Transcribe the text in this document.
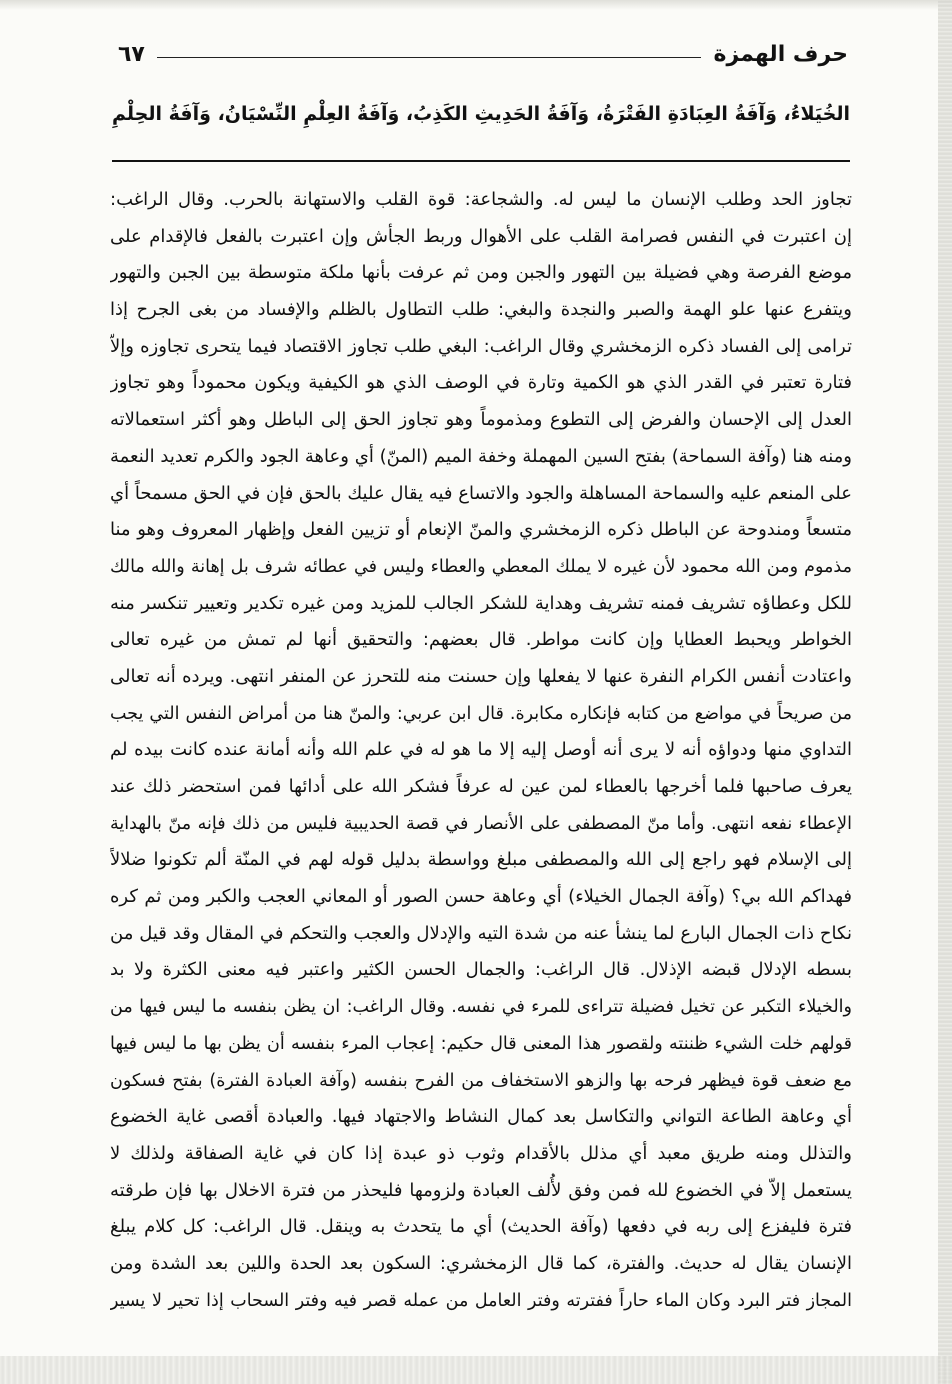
حرف الهمزة
٦٧
الخُيَلاءُ، وَآفَةُ العِبَادَةِ الفَتْرَةُ، وَآفَةُ الحَدِيثِ الكَذِبُ، وَآفَةُ العِلْمِ النِّسْيَانُ، وَآفَةُ الحِلْمِ
تجاوز الحد وطلب الإنسان ما ليس له. والشجاعة: قوة القلب والاستهانة بالحرب. وقال الراغب:
إن اعتبرت في النفس فصرامة القلب على الأهوال وربط الجأش وإن اعتبرت بالفعل فالإقدام على
موضع الفرصة وهي فضيلة بين التهور والجبن ومن ثم عرفت بأنها ملكة متوسطة بين الجبن والتهور
ويتفرع عنها علو الهمة والصبر والنجدة والبغي: طلب التطاول بالظلم والإفساد من بغى الجرح إذا
ترامى إلى الفساد ذكره الزمخشري وقال الراغب: البغي طلب تجاوز الاقتصاد فيما يتحرى تجاوزه وإلاّ
فتارة تعتبر في القدر الذي هو الكمية وتارة في الوصف الذي هو الكيفية ويكون محموداً وهو تجاوز
العدل إلى الإحسان والفرض إلى التطوع ومذموماً وهو تجاوز الحق إلى الباطل وهو أكثر استعمالاته
ومنه هنا (وآفة السماحة) بفتح السين المهملة وخفة الميم (المنّ) أي وعاهة الجود والكرم تعديد النعمة
على المنعم عليه والسماحة المساهلة والجود والاتساع فيه يقال عليك بالحق فإن في الحق مسمحاً أي
متسعاً ومندوحة عن الباطل ذكره الزمخشري والمنّ الإنعام أو تزيين الفعل وإظهار المعروف وهو منا
مذموم ومن الله محمود لأن غيره لا يملك المعطي والعطاء وليس في عطائه شرف بل إهانة والله مالك
للكل وعطاؤه تشريف فمنه تشريف وهداية للشكر الجالب للمزيد ومن غيره تكدير وتعيير تنكسر منه
الخواطر ويحبط العطايا وإن كانت مواطر. قال بعضهم: والتحقيق أنها لم تمش من غيره تعالى
واعتادت أنفس الكرام النفرة عنها لا يفعلها وإن حسنت منه للتحرز عن المنفر انتهى. ويرده أنه تعالى
من صريحاً في مواضع من كتابه فإنكاره مكابرة. قال ابن عربي: والمنّ هنا من أمراض النفس التي يجب
التداوي منها ودواؤه أنه لا يرى أنه أوصل إليه إلا ما هو له في علم الله وأنه أمانة عنده كانت بيده لم
يعرف صاحبها فلما أخرجها بالعطاء لمن عين له عرفاً فشكر الله على أدائها فمن استحضر ذلك عند
الإعطاء نفعه انتهى. وأما منّ المصطفى على الأنصار في قصة الحديبية فليس من ذلك فإنه منّ بالهداية
إلى الإسلام فهو راجع إلى الله والمصطفى مبلغ وواسطة بدليل قوله لهم في المنّة ألم تكونوا ضلالاً
فهداكم الله بي؟ (وآفة الجمال الخيلاء) أي وعاهة حسن الصور أو المعاني العجب والكبر ومن ثم كره
نكاح ذات الجمال البارع لما ينشأ عنه من شدة التيه والإدلال والعجب والتحكم في المقال وقد قيل من
بسطه الإدلال قبضه الإذلال. قال الراغب: والجمال الحسن الكثير واعتبر فيه معنى الكثرة ولا بد
والخيلاء التكبر عن تخيل فضيلة تتراءى للمرء في نفسه. وقال الراغب: ان يظن بنفسه ما ليس فيها من
قولهم خلت الشيء ظننته ولقصور هذا المعنى قال حكيم: إعجاب المرء بنفسه أن يظن بها ما ليس فيها
مع ضعف قوة فيظهر فرحه بها والزهو الاستخفاف من الفرح بنفسه (وآفة العبادة الفترة) بفتح فسكون
أي وعاهة الطاعة التواني والتكاسل بعد كمال النشاط والاجتهاد فيها. والعبادة أقصى غاية الخضوع
والتذلل ومنه طريق معبد أي مذلل بالأقدام وثوب ذو عبدة إذا كان في غاية الصفاقة ولذلك لا
يستعمل إلاّ في الخضوع لله فمن وفق لأُلف العبادة ولزومها فليحذر من فترة الاخلال بها فإن طرقته
فترة فليفزع إلى ربه في دفعها (وآفة الحديث) أي ما يتحدث به وينقل. قال الراغب: كل كلام يبلغ
الإنسان يقال له حديث. والفترة، كما قال الزمخشري: السكون بعد الحدة واللين بعد الشدة ومن
المجاز فتر البرد وكان الماء حاراً ففترته وفتر العامل من عمله قصر فيه وفتر السحاب إذا تحير لا يسير
